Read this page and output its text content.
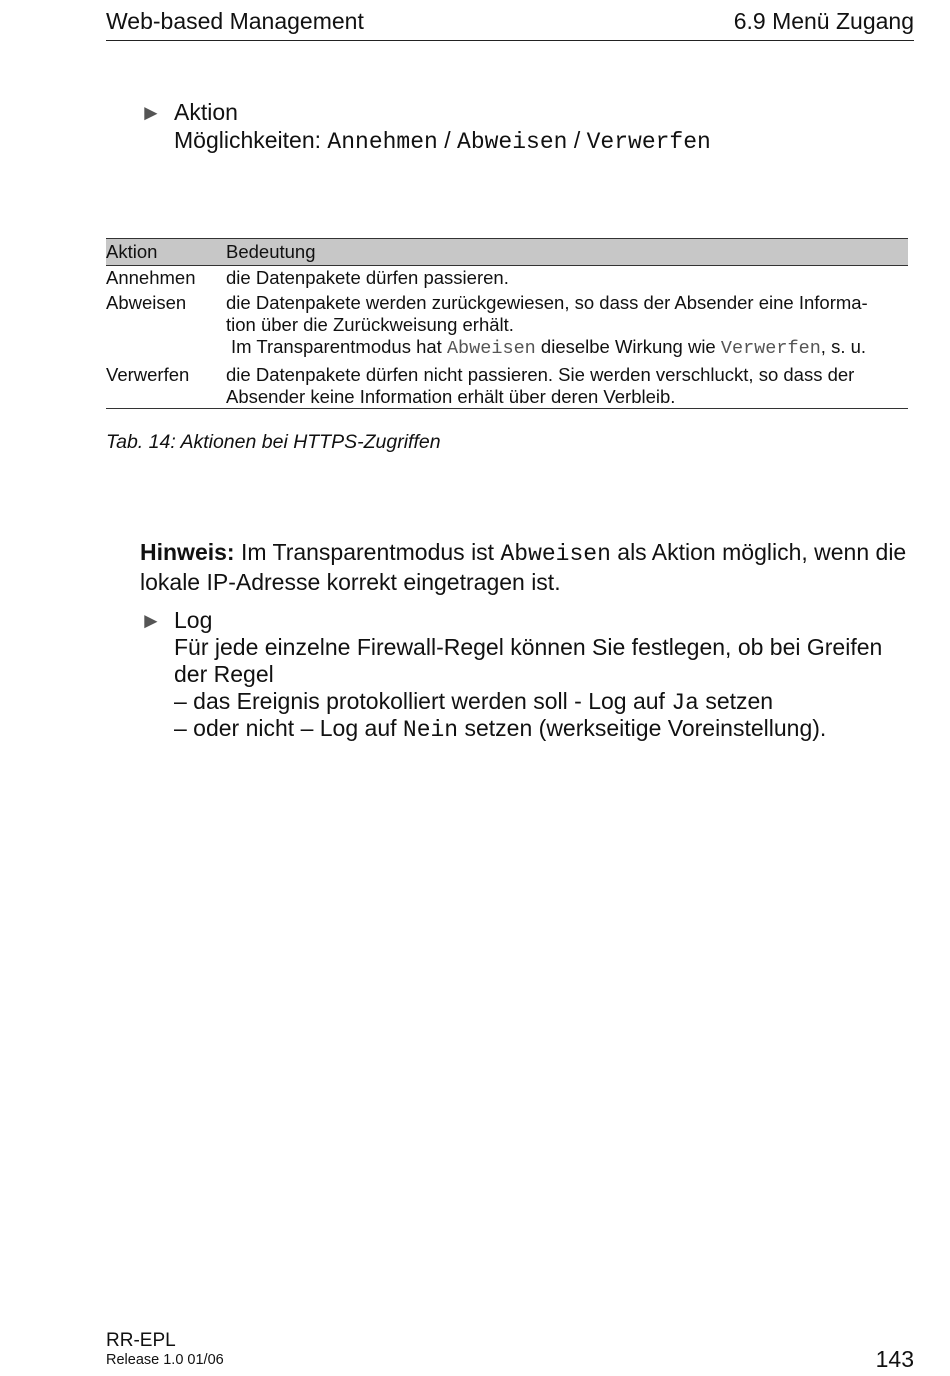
Web-based Management	6.9 Menü Zugang
► Aktion
Möglichkeiten: Annehmen / Abweisen / Verwerfen
Aktion	Bedeutung
Annehmen die Datenpakete dürfen passieren.
Abweisen die Datenpakete werden zurückgewiesen, so dass der Absender eine Informa-
tion über die Zurückweisung erhält.
Im Transparentmodus hat Abweisen dieselbe Wirkung wie Verwerfen, s. u.
Verwerfen die Datenpakete dürfen nicht passieren. Sie werden verschluckt, so dass der
Absender keine Information erhält über deren Verbleib.
Tab. 14: Aktionen bei HTTPS-Zugriffen
Hinweis: Im Transparentmodus ist Abweisen als Aktion möglich, wenn die lokale IP-Adresse korrekt eingetragen ist.
► Log
Für jede einzelne Firewall-Regel können Sie festlegen, ob bei Greifen
der Regel
– das Ereignis protokolliert werden soll - Log auf Ja setzen
– oder nicht – Log auf Nein setzen (werkseitige Voreinstellung).
RR-EPL
Release 1.0 01/06	143
